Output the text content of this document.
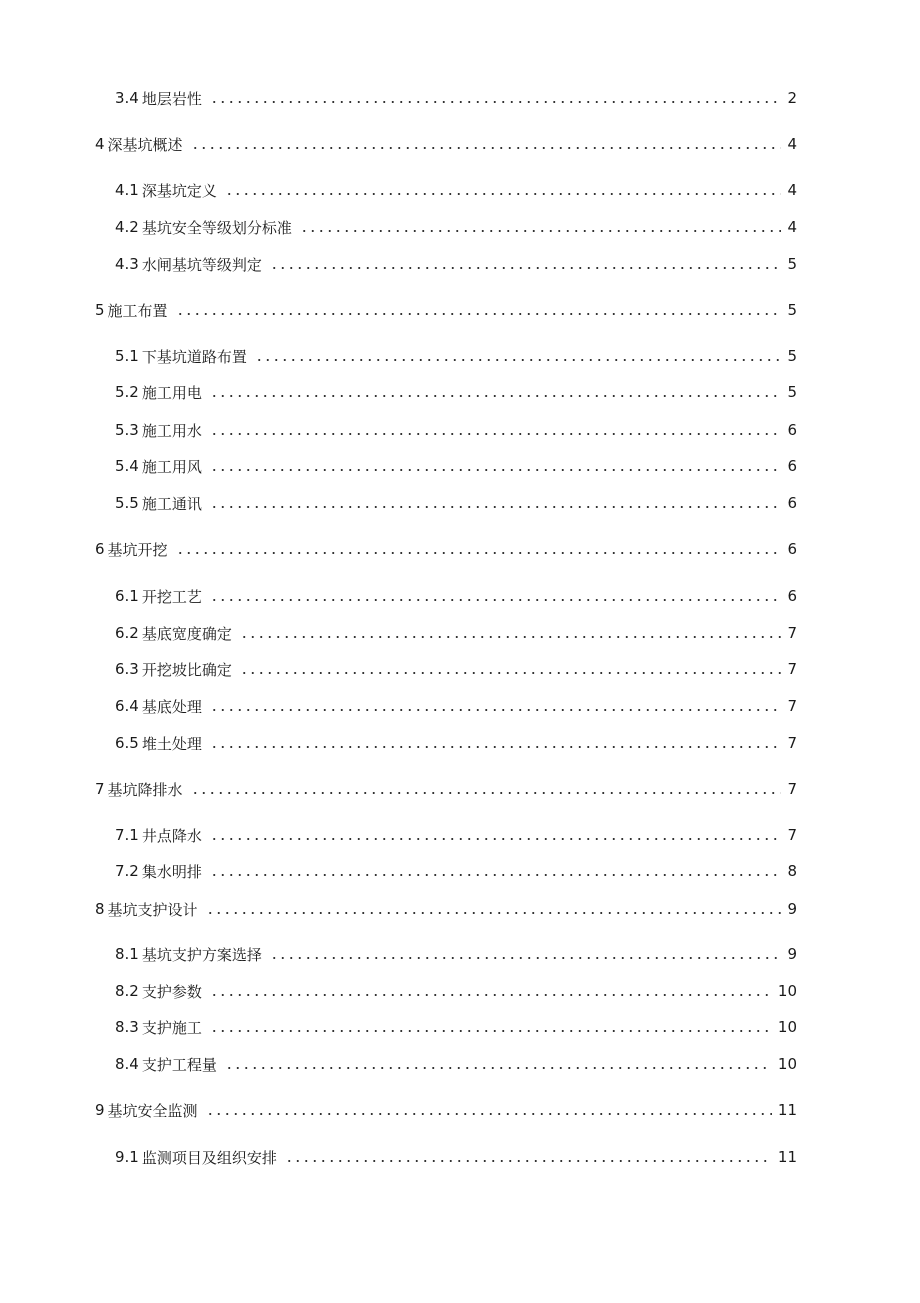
3.4 地层岩性	2
4 深基坑概述	4
4.1 深基坑定义	4
4.2 基坑安全等级划分标准	4
4.3 水闸基坑等级判定	5
5 施工布置	5
5.1 下基坑道路布置	5
5.2 施工用电	5
5.3 施工用水	6
5.4 施工用风	6
5.5 施工通讯	6
6 基坑开挖	6
6.1 开挖工艺	6
6.2 基底宽度确定	7
6.3 开挖坡比确定	7
6.4 基底处理	7
6.5 堆土处理	7
7 基坑降排水	7
7.1 井点降水	7
7.2 集水明排	8
8 基坑支护设计	9
8.1 基坑支护方案选择	9
8.2 支护参数	10
8.3 支护施工	10
8.4 支护工程量	10
9 基坑安全监测	11
9.1 监测项目及组织安排	11
